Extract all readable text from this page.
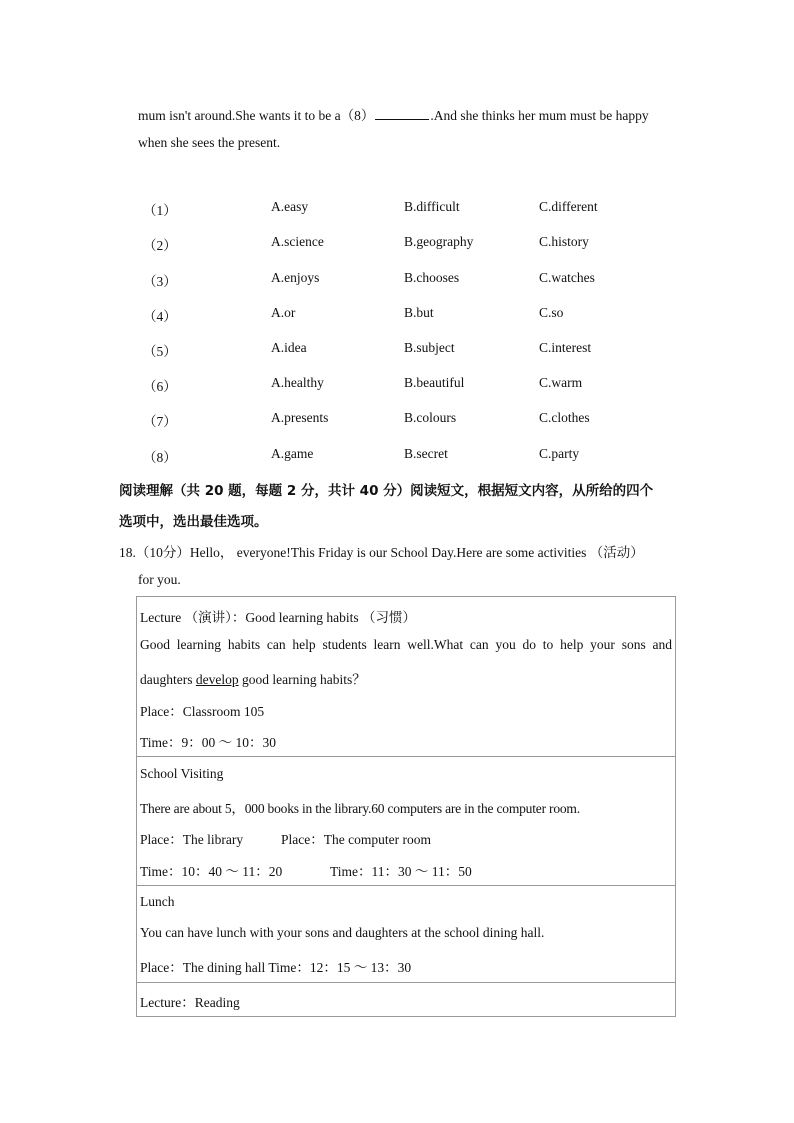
mum isn't around.She wants it to be a（8）	.And she thinks her mum must be happy
when she sees the present.
（1）	A.easy	B.difficult	C.different
（2）	A.science	B.geography	C.history
（3）	A.enjoys	B.chooses	C.watches
（4）	A.or	B.but	C.so
（5）	A.idea	B.subject	C.interest
（6）	A.healthy	B.beautiful	C.warm
（7）	A.presents	B.colours	C.clothes
（8）	A.game	B.secret	C.party
阅读理解（共 20 题，每题 2 分，共计 40 分）阅读短文，根据短文内容，从所给的四个
选项中，选出最佳选项。
18.（10分）Hello， everyone!This Friday is our School Day.Here are some activities （活动）
for you.
Lecture （演讲）：Good learning habits （习惯）
Good learning habits can help students learn well.What can you do to help your sons and
daughters develop good learning habits？
Place：Classroom 105
Time：9：00 ～ 10：30
School Visiting
There are about 5，000 books in the library.60 computers are in the computer room.
Place：The library	Place：The computer room
Time：10：40 ～ 11：20	Time：11：30 ～ 11：50
Lunch
You can have lunch with your sons and daughters at the school dining hall.
Place：The dining hall Time：12：15 ～ 13：30
Lecture：Reading
